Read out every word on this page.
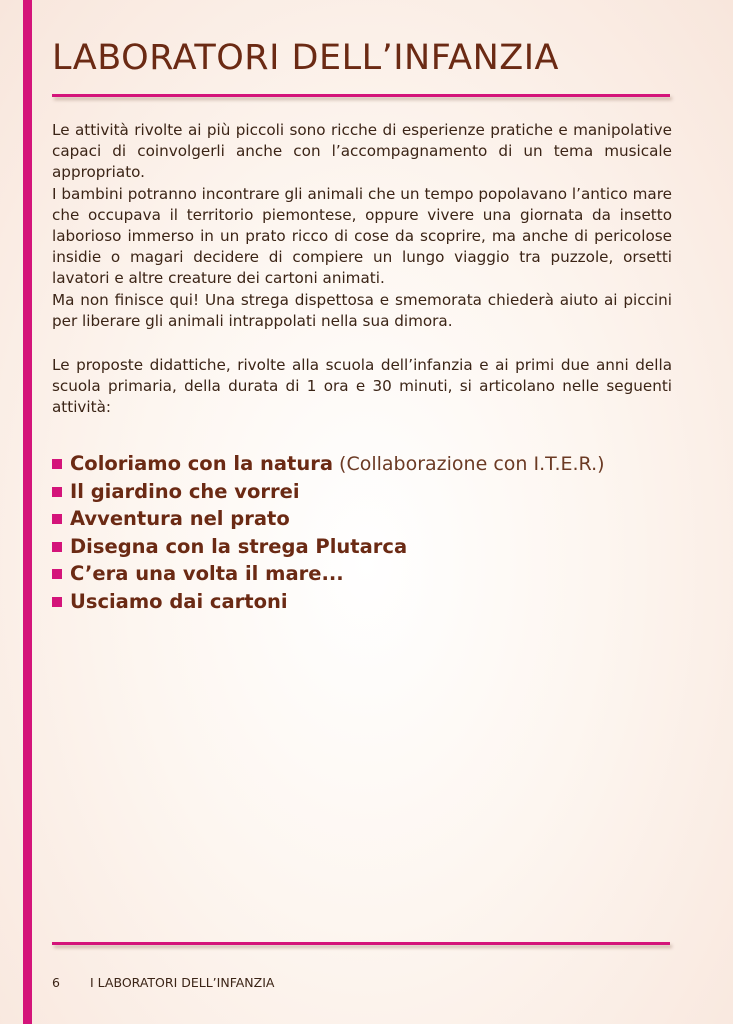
LABORATORI DELL’INFANZIA

Le attività rivolte ai più piccoli sono ricche di esperienze pratiche e manipolative capaci di coinvolgerli anche con l’accompagnamento di un tema musicale appropriato.

I bambini potranno incontrare gli animali che un tempo popolavano l’antico mare che occupava il territorio piemontese, oppure vivere una giornata da insetto laborioso immerso in un prato ricco di cose da scoprire, ma anche di pericolose insidie o magari decidere di compiere un lungo viaggio tra puzzole, orsetti lavatori e altre creature dei cartoni animati.

Ma non finisce qui! Una strega dispettosa e smemorata chiederà aiuto ai piccini per liberare gli animali intrappolati nella sua dimora.

Le proposte didattiche, rivolte alla scuola dell’infanzia e ai primi due anni della scuola primaria, della durata di 1 ora e 30 minuti, si articolano nelle seguenti attività:

Coloriamo con la natura (Collaborazione con I.T.E.R.)
Il giardino che vorrei
Avventura nel prato
Disegna con la strega Plutarca
C’era una volta il mare...
Usciamo dai cartoni
6 I LABORATORI DELL’INFANZIA
